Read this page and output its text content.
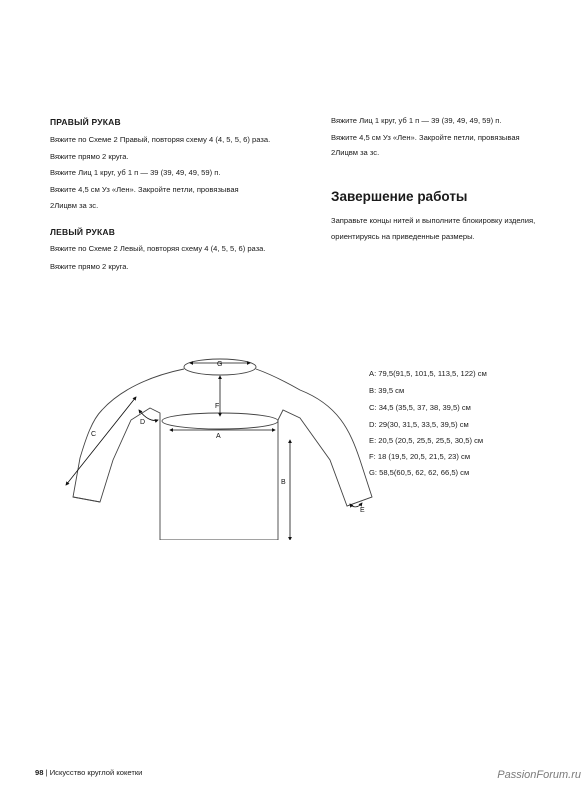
ПРАВЫЙ РУКАВ
Вяжите по Схеме 2 Правый, повторяя схему 4 (4, 5, 5, 6) раза.
Вяжите прямо 2 круга.
Вяжите Лиц 1 круг, уб 1 п — 39 (39, 49, 49, 59) п.
Вяжите 4,5 см Уз «Лен». Закройте петли, провязывая
2Лицвм за зс.
ЛЕВЫЙ РУКАВ
Вяжите по Схеме 2 Левый, повторяя схему 4 (4, 5, 5, 6) раза.
Вяжите прямо 2 круга.
Вяжите Лиц 1 круг, уб 1 п — 39 (39, 49, 49, 59) п.
Вяжите 4,5 см Уз «Лен». Закройте петли, провязывая
2Лицвм за зс.
Завершение работы
Заправьте концы нитей и выполните блокировку изделия,
ориентируясь на приведенные размеры.
G
F
A
B
C
D
E
A: 79,5(91,5, 101,5, 113,5, 122) см
B: 39,5 см
C: 34,5 (35,5, 37, 38, 39,5) см
D: 29(30, 31,5, 33,5, 39,5) см
E: 20,5 (20,5, 25,5, 25,5, 30,5) см
F: 18 (19,5, 20,5, 21,5, 23) см
G: 58,5(60,5, 62, 62, 66,5) см
98 | Искусство круглой кокетки	PassionForum.ru
